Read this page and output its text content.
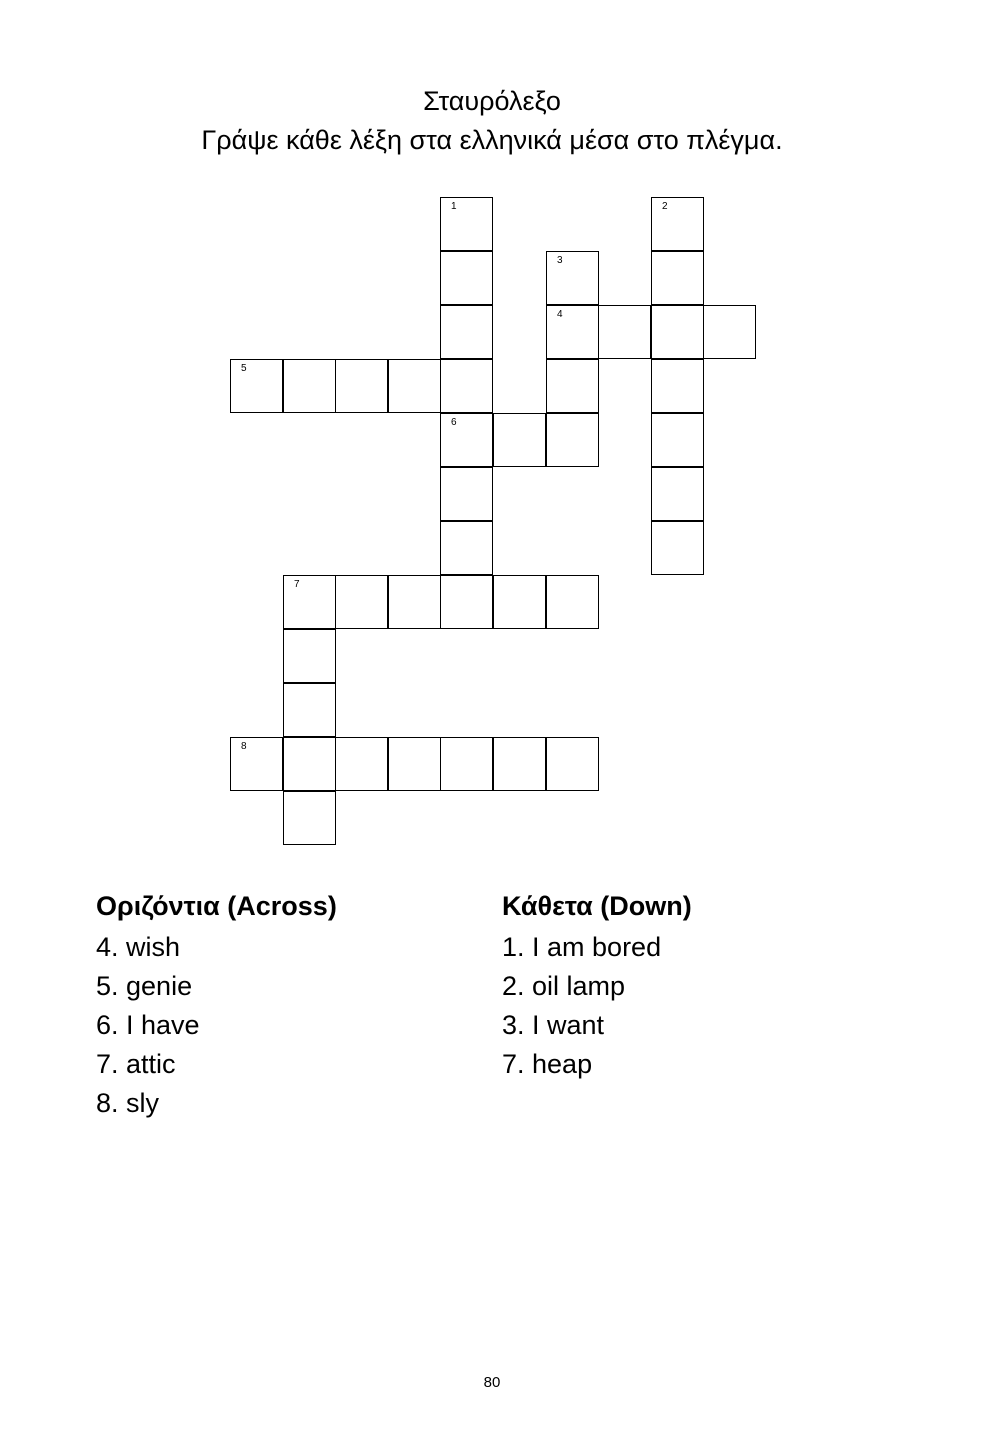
Σταυρόλεξο
Γράψε κάθε λέξη στα ελληνικά μέσα στο πλέγμα.
1	2
3
4
5
6
7
8
Οριζόντια (Across)
4. wish
5. genie
6. I have
7. attic
8. sly
Κάθετα (Down)
1. I am bored
2. oil lamp
3. I want
7. heap
80
